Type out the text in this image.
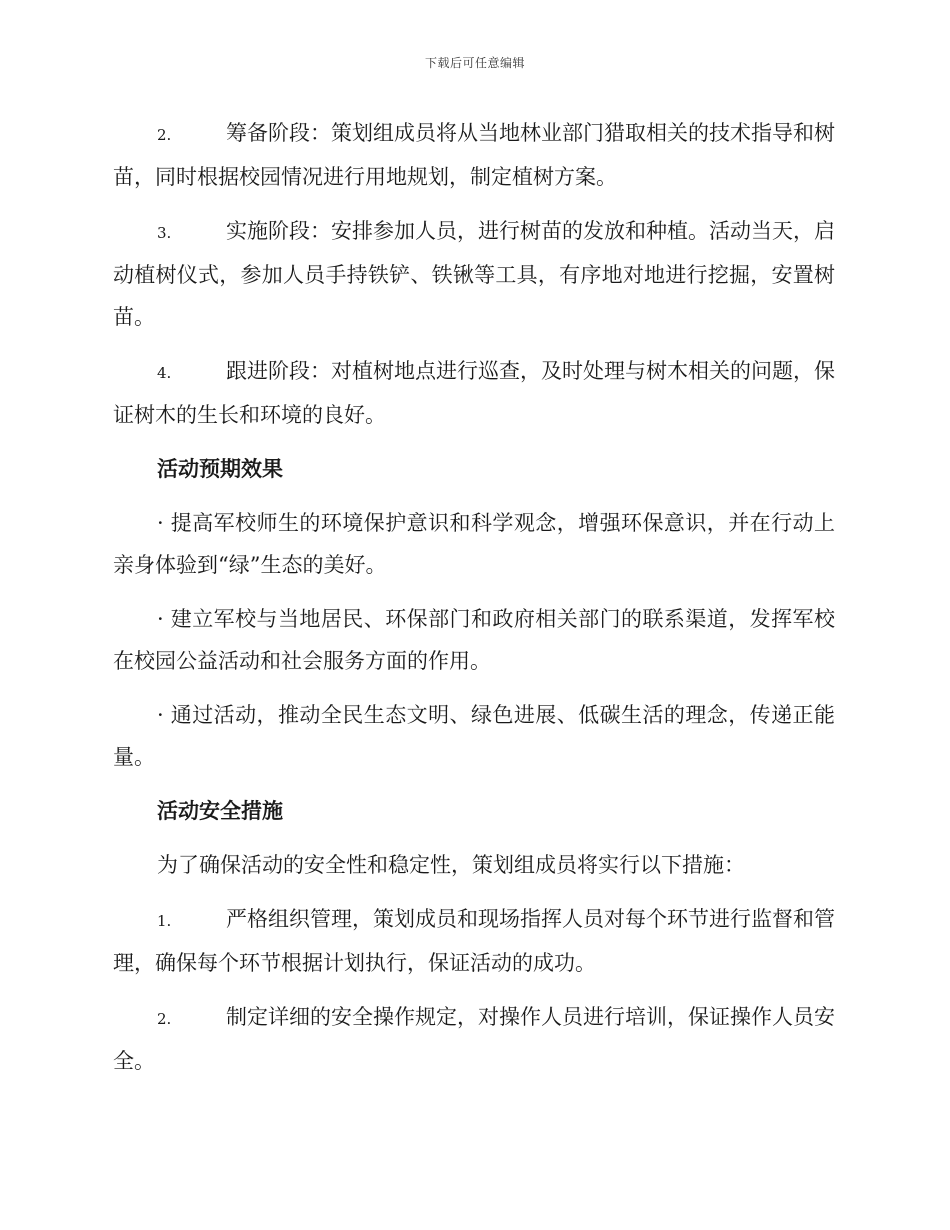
下载后可任意编辑

2.	筹备阶段：策划组成员将从当地林业部门猎取相关的技术指导和树苗，同时根据校园情况进行用地规划，制定植树方案。

3.	实施阶段：安排参加人员，进行树苗的发放和种植。活动当天，启动植树仪式，参加人员手持铁铲、铁锹等工具，有序地对地进行挖掘，安置树苗。

4.	跟进阶段：对植树地点进行巡查，及时处理与树木相关的问题，保证树木的生长和环境的良好。

活动预期效果

· 提高军校师生的环境保护意识和科学观念，增强环保意识，并在行动上亲身体验到“绿”生态的美好。

· 建立军校与当地居民、环保部门和政府相关部门的联系渠道，发挥军校在校园公益活动和社会服务方面的作用。

· 通过活动，推动全民生态文明、绿色进展、低碳生活的理念，传递正能量。

活动安全措施

为了确保活动的安全性和稳定性，策划组成员将实行以下措施：

1.	严格组织管理，策划成员和现场指挥人员对每个环节进行监督和管理，确保每个环节根据计划执行，保证活动的成功。

2.	制定详细的安全操作规定，对操作人员进行培训，保证操作人员安全。
